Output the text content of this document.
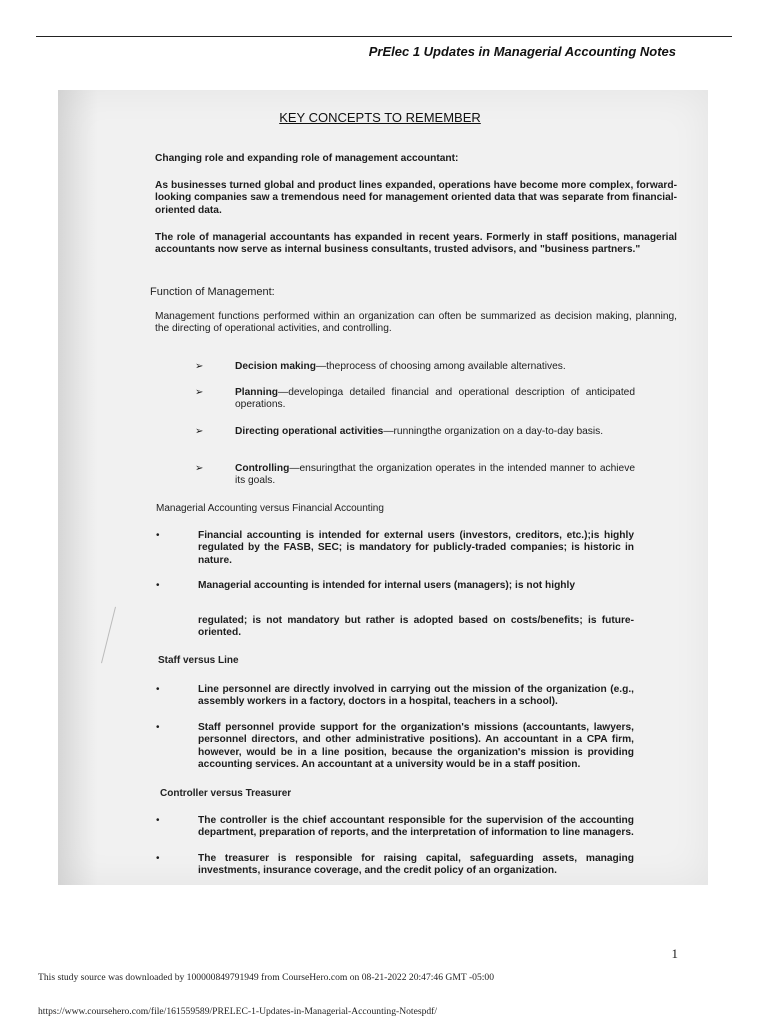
PrElec 1 Updates in Managerial Accounting Notes
KEY CONCEPTS TO REMEMBER
Changing role and expanding role of management accountant:
As businesses turned global and product lines expanded, operations have become more complex, forward-looking companies saw a tremendous need for management oriented data that was separate from financial-oriented data.
The role of managerial accountants has expanded in recent years. Formerly in staff positions, managerial accountants now serve as internal business consultants, trusted advisors, and "business partners."
Function of Management:
Management functions performed within an organization can often be summarized as decision making, planning, the directing of operational activities, and controlling.
➢	Decision making—theprocess of choosing among available alternatives.
➢	Planning—developinga detailed financial and operational description of anticipated operations.
➢	Directing operational activities—runningthe organization on a day-to-day basis.
➢	Controlling—ensuringthat the organization operates in the intended manner to achieve its goals.
Managerial Accounting versus Financial Accounting
•	Financial accounting is intended for external users (investors, creditors, etc.);is highly regulated by the FASB, SEC; is mandatory for publicly-traded companies; is historic in nature.
•	Managerial accounting is intended for internal users (managers); is not highly
regulated; is not mandatory but rather is adopted based on costs/benefits; is future-oriented.
Staff versus Line
•	Line personnel are directly involved in carrying out the mission of the organization (e.g., assembly workers in a factory, doctors in a hospital, teachers in a school).
•	Staff personnel provide support for the organization's missions (accountants, lawyers, personnel directors, and other administrative positions). An accountant in a CPA firm, however, would be in a line position, because the organization's mission is providing accounting services. An accountant at a university would be in a staff position.
Controller versus Treasurer
•	The controller is the chief accountant responsible for the supervision of the accounting department, preparation of reports, and the interpretation of information to line managers.
•	The treasurer is responsible for raising capital, safeguarding assets, managing investments, insurance coverage, and the credit policy of an organization.
1
This study source was downloaded by 100000849791949 from CourseHero.com on 08-21-2022 20:47:46 GMT -05:00
https://www.coursehero.com/file/161559589/PRELEC-1-Updates-in-Managerial-Accounting-Notespdf/
